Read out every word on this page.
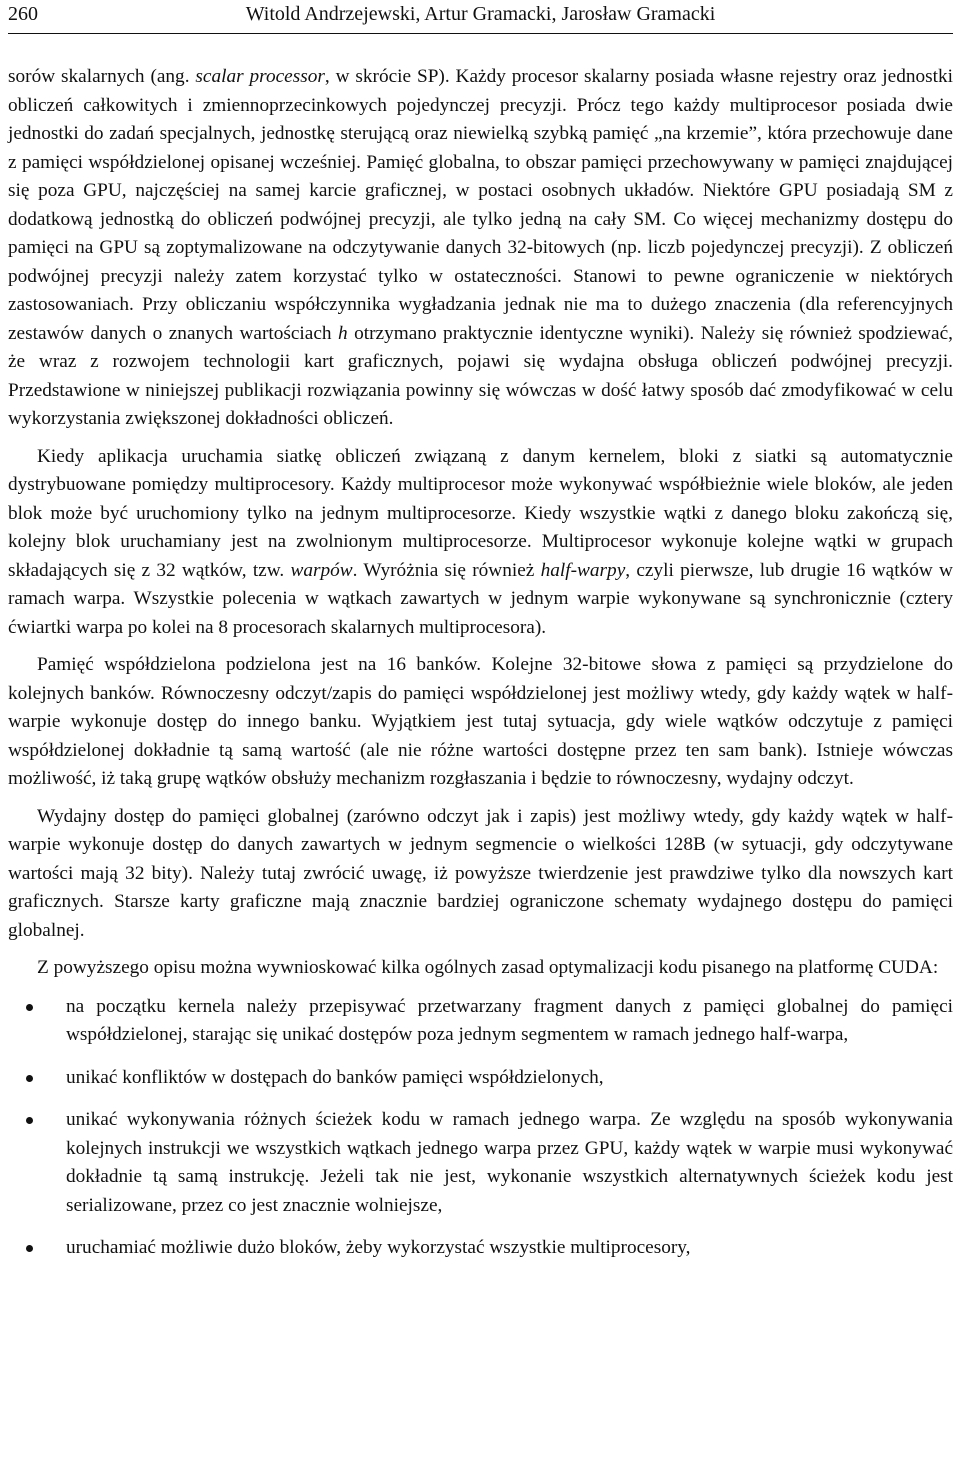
260	Witold Andrzejewski, Artur Gramacki, Jarosław Gramacki

sorów skalarnych (ang. scalar processor, w skrócie SP). Każdy procesor skalarny posiada własne rejestry oraz jednostki obliczeń całkowitych i zmiennoprzecinkowych pojedynczej precyzji. Prócz tego każdy multiprocesor posiada dwie jednostki do zadań specjalnych, jednostkę sterującą oraz niewielką szybką pamięć „na krzemie”, która przechowuje dane z pamięci współdzielonej opisanej wcześniej. Pamięć globalna, to obszar pamięci przechowywany w pamięci znajdującej się poza GPU, najczęściej na samej karcie graficznej, w postaci osobnych układów. Niektóre GPU posiadają SM z dodatkową jednostką do obliczeń podwójnej precyzji, ale tylko jedną na cały SM. Co więcej mechanizmy dostępu do pamięci na GPU są zoptymalizowane na odczytywanie danych 32-bitowych (np. liczb pojedynczej precyzji). Z obliczeń podwójnej precyzji należy zatem korzystać tylko w ostateczności. Stanowi to pewne ograniczenie w niektórych zastosowaniach. Przy obliczaniu współczynnika wygładzania jednak nie ma to dużego znaczenia (dla referencyjnych zestawów danych o znanych wartościach h otrzymano praktycznie identyczne wyniki). Należy się również spodziewać, że wraz z rozwojem technologii kart graficznych, pojawi się wydajna obsługa obliczeń podwójnej precyzji. Przedstawione w niniejszej publikacji rozwiązania powinny się wówczas w dość łatwy sposób dać zmodyfikować w celu wykorzystania zwiększonej dokładności obliczeń.

Kiedy aplikacja uruchamia siatkę obliczeń związaną z danym kernelem, bloki z siatki są automatycznie dystrybuowane pomiędzy multiprocesory. Każdy multiprocesor może wykonywać współbieżnie wiele bloków, ale jeden blok może być uruchomiony tylko na jednym multiprocesorze. Kiedy wszystkie wątki z danego bloku zakończą się, kolejny blok uruchamiany jest na zwolnionym multiprocesorze. Multiprocesor wykonuje kolejne wątki w grupach składających się z 32 wątków, tzw. warpów. Wyróżnia się również half-warpy, czyli pierwsze, lub drugie 16 wątków w ramach warpa. Wszystkie polecenia w wątkach zawartych w jednym warpie wykonywane są synchronicznie (cztery ćwiartki warpa po kolei na 8 procesorach skalarnych multiprocesora).

Pamięć współdzielona podzielona jest na 16 banków. Kolejne 32-bitowe słowa z pamięci są przydzielone do kolejnych banków. Równoczesny odczyt/zapis do pamięci współdzielonej jest możliwy wtedy, gdy każdy wątek w half-warpie wykonuje dostęp do innego banku. Wyjątkiem jest tutaj sytuacja, gdy wiele wątków odczytuje z pamięci współdzielonej dokładnie tą samą wartość (ale nie różne wartości dostępne przez ten sam bank). Istnieje wówczas możliwość, iż taką grupę wątków obsłuży mechanizm rozgłaszania i będzie to równoczesny, wydajny odczyt.

Wydajny dostęp do pamięci globalnej (zarówno odczyt jak i zapis) jest możliwy wtedy, gdy każdy wątek w half-warpie wykonuje dostęp do danych zawartych w jednym segmencie o wielkości 128B (w sytuacji, gdy odczytywane wartości mają 32 bity). Należy tutaj zwrócić uwagę, iż powyższe twierdzenie jest prawdziwe tylko dla nowszych kart graficznych. Starsze karty graficzne mają znacznie bardziej ograniczone schematy wydajnego dostępu do pamięci globalnej.

Z powyższego opisu można wywnioskować kilka ogólnych zasad optymalizacji kodu pisanego na platformę CUDA:

na początku kernela należy przepisywać przetwarzany fragment danych z pamięci globalnej do pamięci współdzielonej, starając się unikać dostępów poza jednym segmentem w ramach jednego half-warpa,
unikać konfliktów w dostępach do banków pamięci współdzielonych,
unikać wykonywania różnych ścieżek kodu w ramach jednego warpa. Ze względu na sposób wykonywania kolejnych instrukcji we wszystkich wątkach jednego warpa przez GPU, każdy wątek w warpie musi wykonywać dokładnie tą samą instrukcję. Jeżeli tak nie jest, wykonanie wszystkich alternatywnych ścieżek kodu jest serializowane, przez co jest znacznie wolniejsze,
uruchamiać możliwie dużo bloków, żeby wykorzystać wszystkie multiprocesory,
